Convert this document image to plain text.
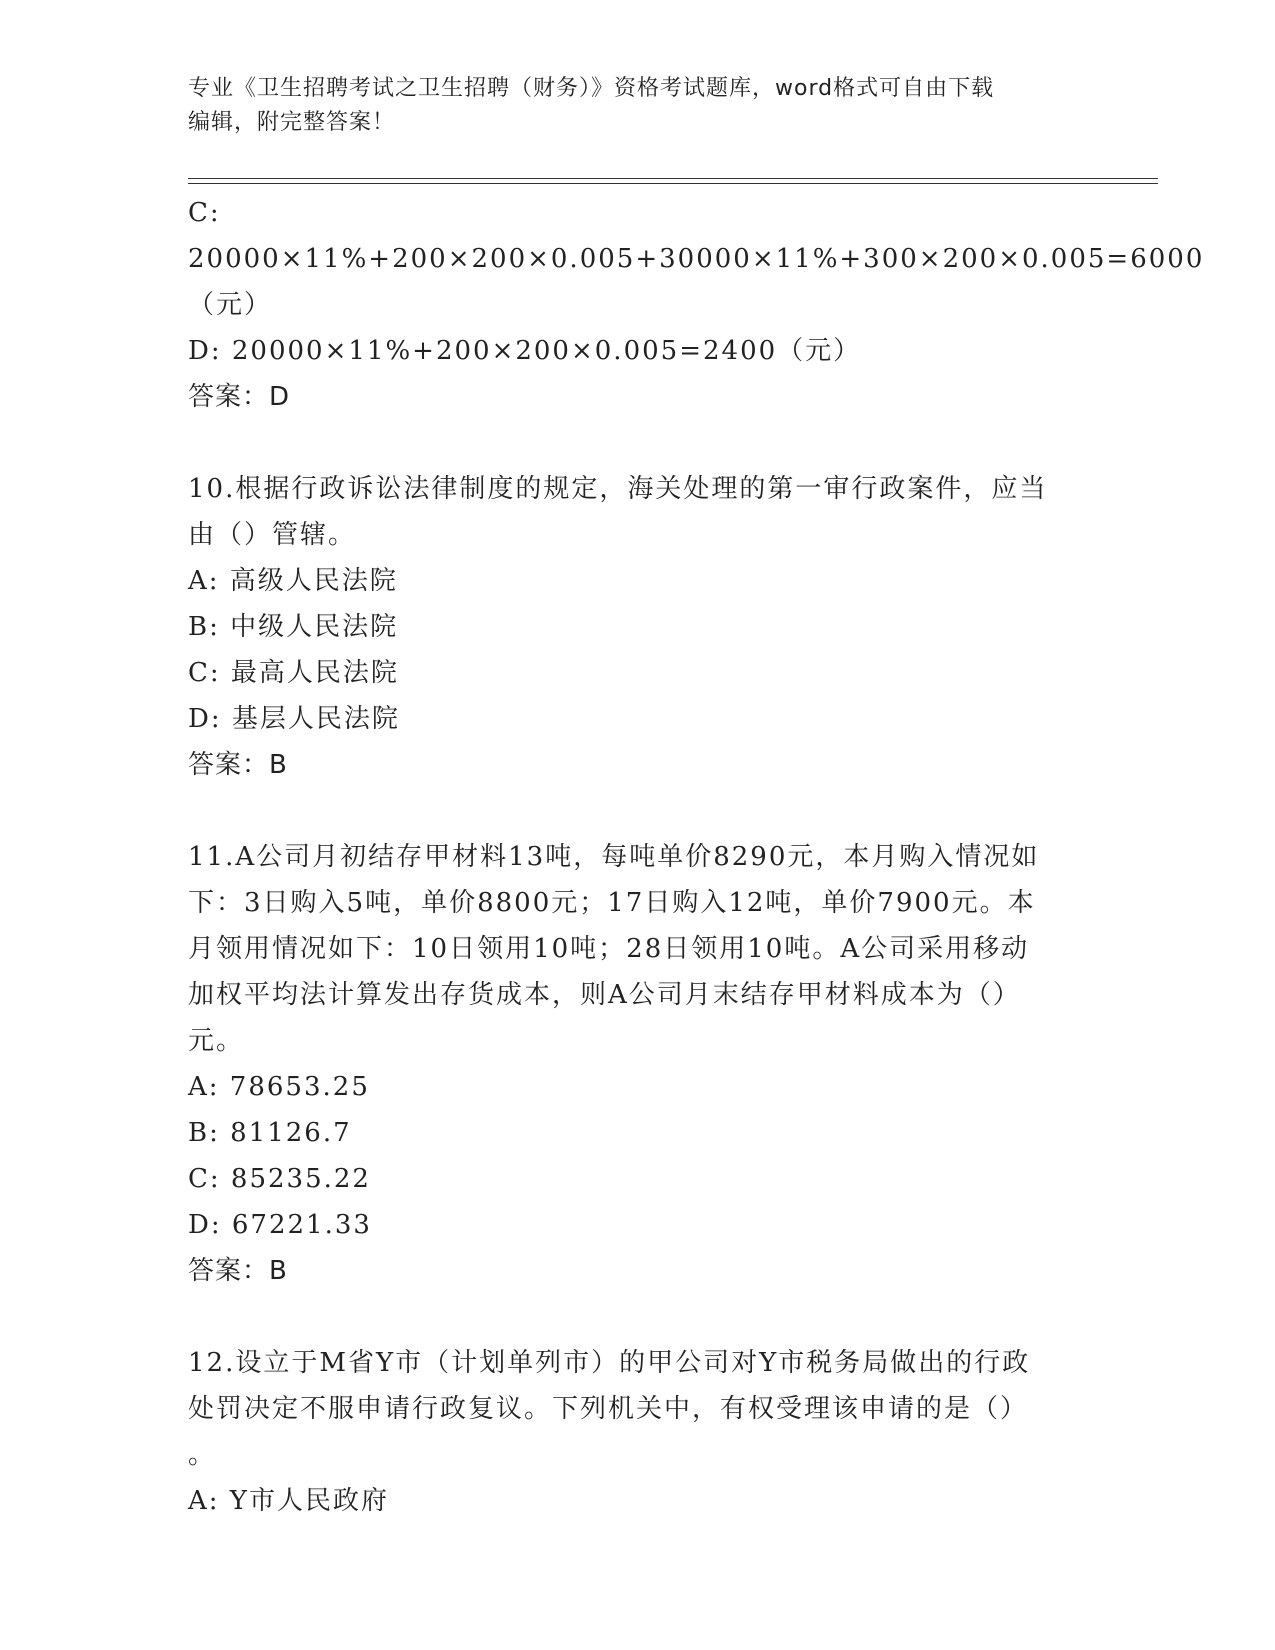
专业《卫生招聘考试之卫生招聘（财务）》资格考试题库，word格式可自由下载
编辑，附完整答案！

C: 20000×11%+200×200×0.005+30000×11%+300×200×0.005=6000

（元）

D: 20000×11%+200×200×0.005=2400（元）

答案：D

10.根据行政诉讼法律制度的规定，海关处理的第一审行政案件，应当

由（）管辖。

A: 高级人民法院

B: 中级人民法院

C: 最高人民法院

D: 基层人民法院

答案：B

11.A公司月初结存甲材料13吨，每吨单价8290元，本月购入情况如

下：3日购入5吨，单价8800元；17日购入12吨，单价7900元。本

月领用情况如下：10日领用10吨；28日领用10吨。A公司采用移动

加权平均法计算发出存货成本，则A公司月末结存甲材料成本为（）

元。

A: 78653.25

B: 81126.7

C: 85235.22

D: 67221.33

答案：B

12.设立于M省Y市（计划单列市）的甲公司对Y市税务局做出的行政

处罚决定不服申请行政复议。下列机关中，有权受理该申请的是（）

。

A: Y市人民政府
